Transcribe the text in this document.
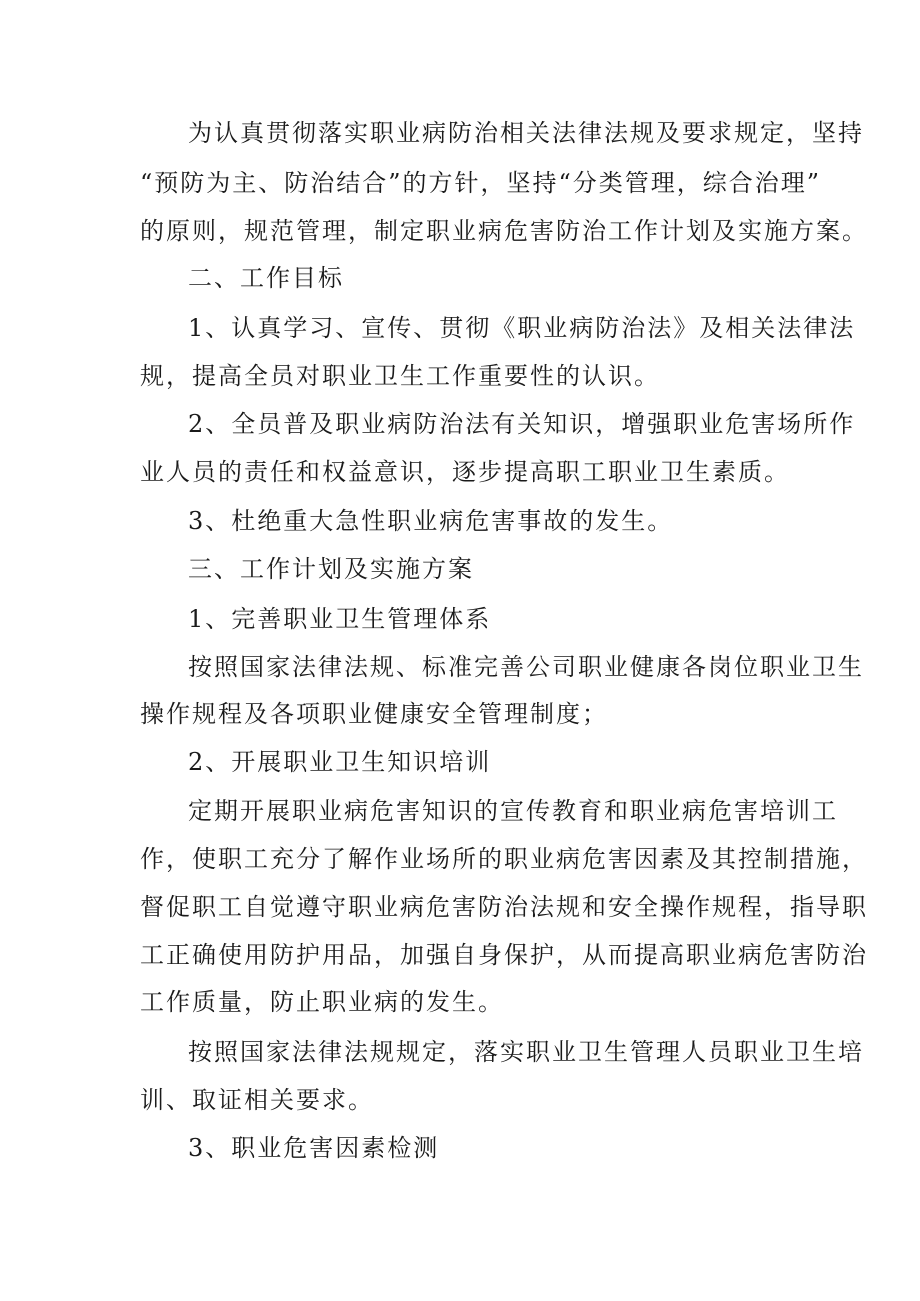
为认真贯彻落实职业病防治相关法律法规及要求规定，坚持
“预防为主、防治结合”的方针，坚持“分类管理，综合治理”
的原则，规范管理，制定职业病危害防治工作计划及实施方案。
二、工作目标
1、认真学习、宣传、贯彻《职业病防治法》及相关法律法
规，提高全员对职业卫生工作重要性的认识。
2、全员普及职业病防治法有关知识，增强职业危害场所作
业人员的责任和权益意识，逐步提高职工职业卫生素质。
3、杜绝重大急性职业病危害事故的发生。
三、工作计划及实施方案
1、完善职业卫生管理体系
按照国家法律法规、标准完善公司职业健康各岗位职业卫生
操作规程及各项职业健康安全管理制度；
2、开展职业卫生知识培训
定期开展职业病危害知识的宣传教育和职业病危害培训工
作，使职工充分了解作业场所的职业病危害因素及其控制措施，
督促职工自觉遵守职业病危害防治法规和安全操作规程，指导职
工正确使用防护用品，加强自身保护，从而提高职业病危害防治
工作质量，防止职业病的发生。
按照国家法律法规规定，落实职业卫生管理人员职业卫生培
训、取证相关要求。
3、职业危害因素检测
